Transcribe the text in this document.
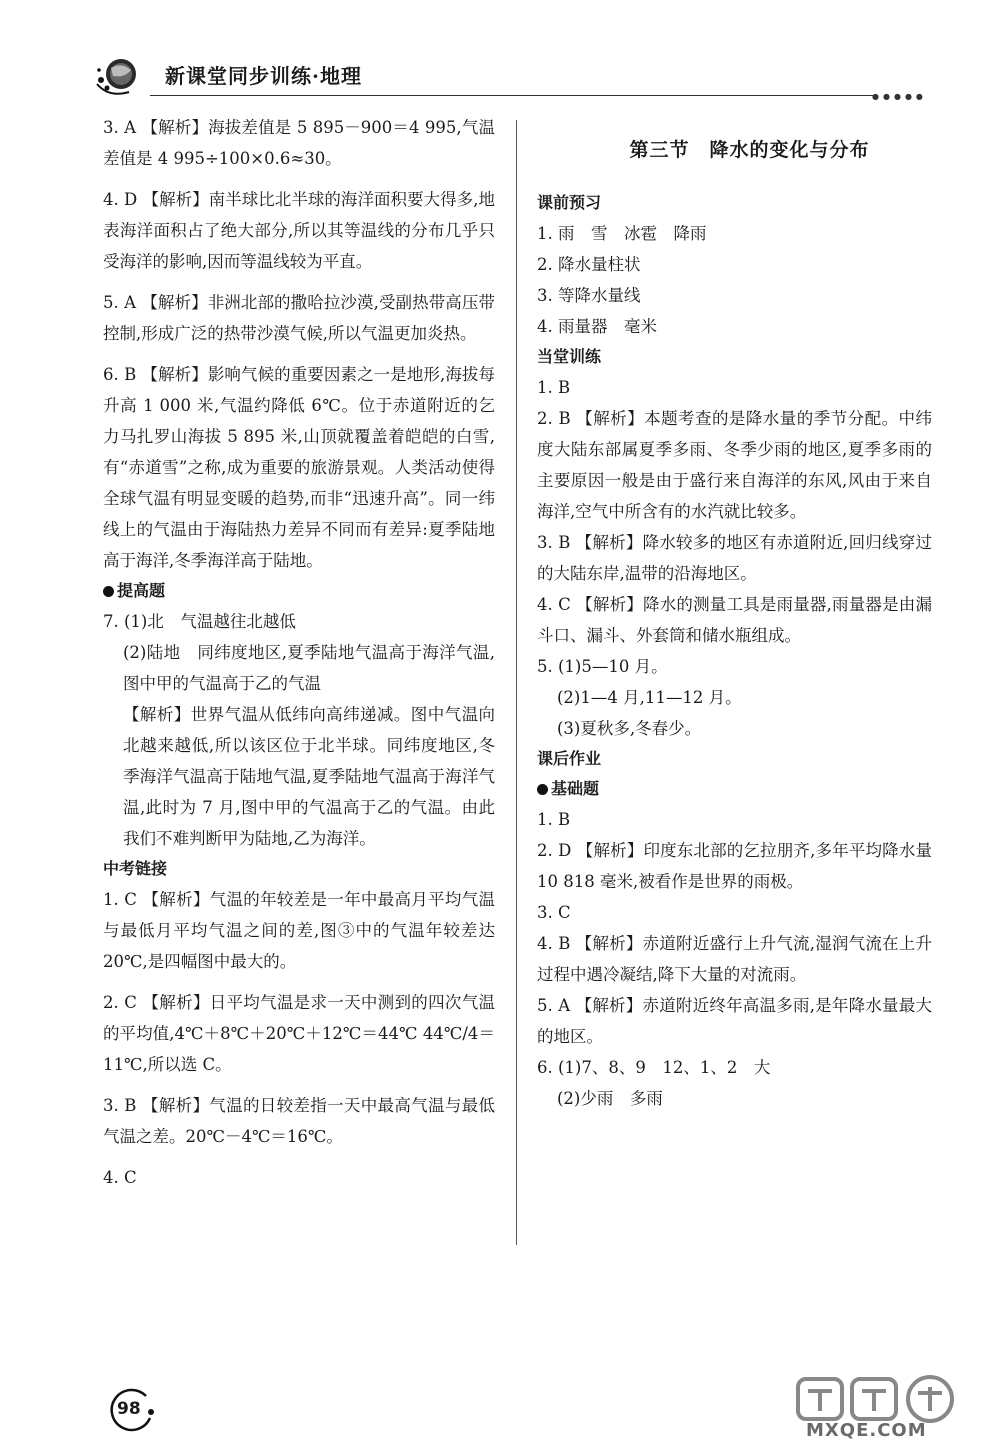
新课堂同步训练·地理
●●●●●
3. A 【解析】海拔差值是 5 895－900＝4 995,气温差值是 4 995÷100×0.6≈30。
4. D 【解析】南半球比北半球的海洋面积要大得多,地表海洋面积占了绝大部分,所以其等温线的分布几乎只受海洋的影响,因而等温线较为平直。
5. A 【解析】非洲北部的撒哈拉沙漠,受副热带高压带控制,形成广泛的热带沙漠气候,所以气温更加炎热。
6. B 【解析】影响气候的重要因素之一是地形,海拔每升高 1 000 米,气温约降低 6℃。位于赤道附近的乞力马扎罗山海拔 5 895 米,山顶就覆盖着皑皑的白雪,有“赤道雪”之称,成为重要的旅游景观。人类活动使得全球气温有明显变暖的趋势,而非“迅速升高”。同一纬线上的气温由于海陆热力差异不同而有差异:夏季陆地高于海洋,冬季海洋高于陆地。
提高题
7. (1)北　气温越往北越低
(2)陆地　同纬度地区,夏季陆地气温高于海洋气温,图中甲的气温高于乙的气温
【解析】世界气温从低纬向高纬递减。图中气温向北越来越低,所以该区位于北半球。同纬度地区,冬季海洋气温高于陆地气温,夏季陆地气温高于海洋气温,此时为 7 月,图中甲的气温高于乙的气温。由此我们不难判断甲为陆地,乙为海洋。
中考链接
1. C 【解析】气温的年较差是一年中最高月平均气温与最低月平均气温之间的差,图③中的气温年较差达 20℃,是四幅图中最大的。
2. C 【解析】日平均气温是求一天中测到的四次气温的平均值,4℃＋8℃＋20℃＋12℃＝44℃ 44℃/4＝11℃,所以选 C。
3. B 【解析】气温的日较差指一天中最高气温与最低气温之差。20℃－4℃＝16℃。
4. C
第三节　降水的变化与分布
课前预习
1. 雨　雪　冰雹　降雨
2. 降水量柱状
3. 等降水量线
4. 雨量器　毫米
当堂训练
1. B
2. B 【解析】本题考查的是降水量的季节分配。中纬度大陆东部属夏季多雨、冬季少雨的地区,夏季多雨的主要原因一般是由于盛行来自海洋的东风,风由于来自海洋,空气中所含有的水汽就比较多。
3. B 【解析】降水较多的地区有赤道附近,回归线穿过的大陆东岸,温带的沿海地区。
4. C 【解析】降水的测量工具是雨量器,雨量器是由漏斗口、漏斗、外套筒和储水瓶组成。
5. (1)5—10 月。
(2)1—4 月,11—12 月。
(3)夏秋多,冬春少。
课后作业
基础题
1. B
2. D 【解析】印度东北部的乞拉朋齐,多年平均降水量 10 818 毫米,被看作是世界的雨极。
3. C
4. B 【解析】赤道附近盛行上升气流,湿润气流在上升过程中遇冷凝结,降下大量的对流雨。
5. A 【解析】赤道附近终年高温多雨,是年降水量最大的地区。
6. (1)7、8、9　12、1、2　大
(2)少雨　多雨
98
MXQE.COM
